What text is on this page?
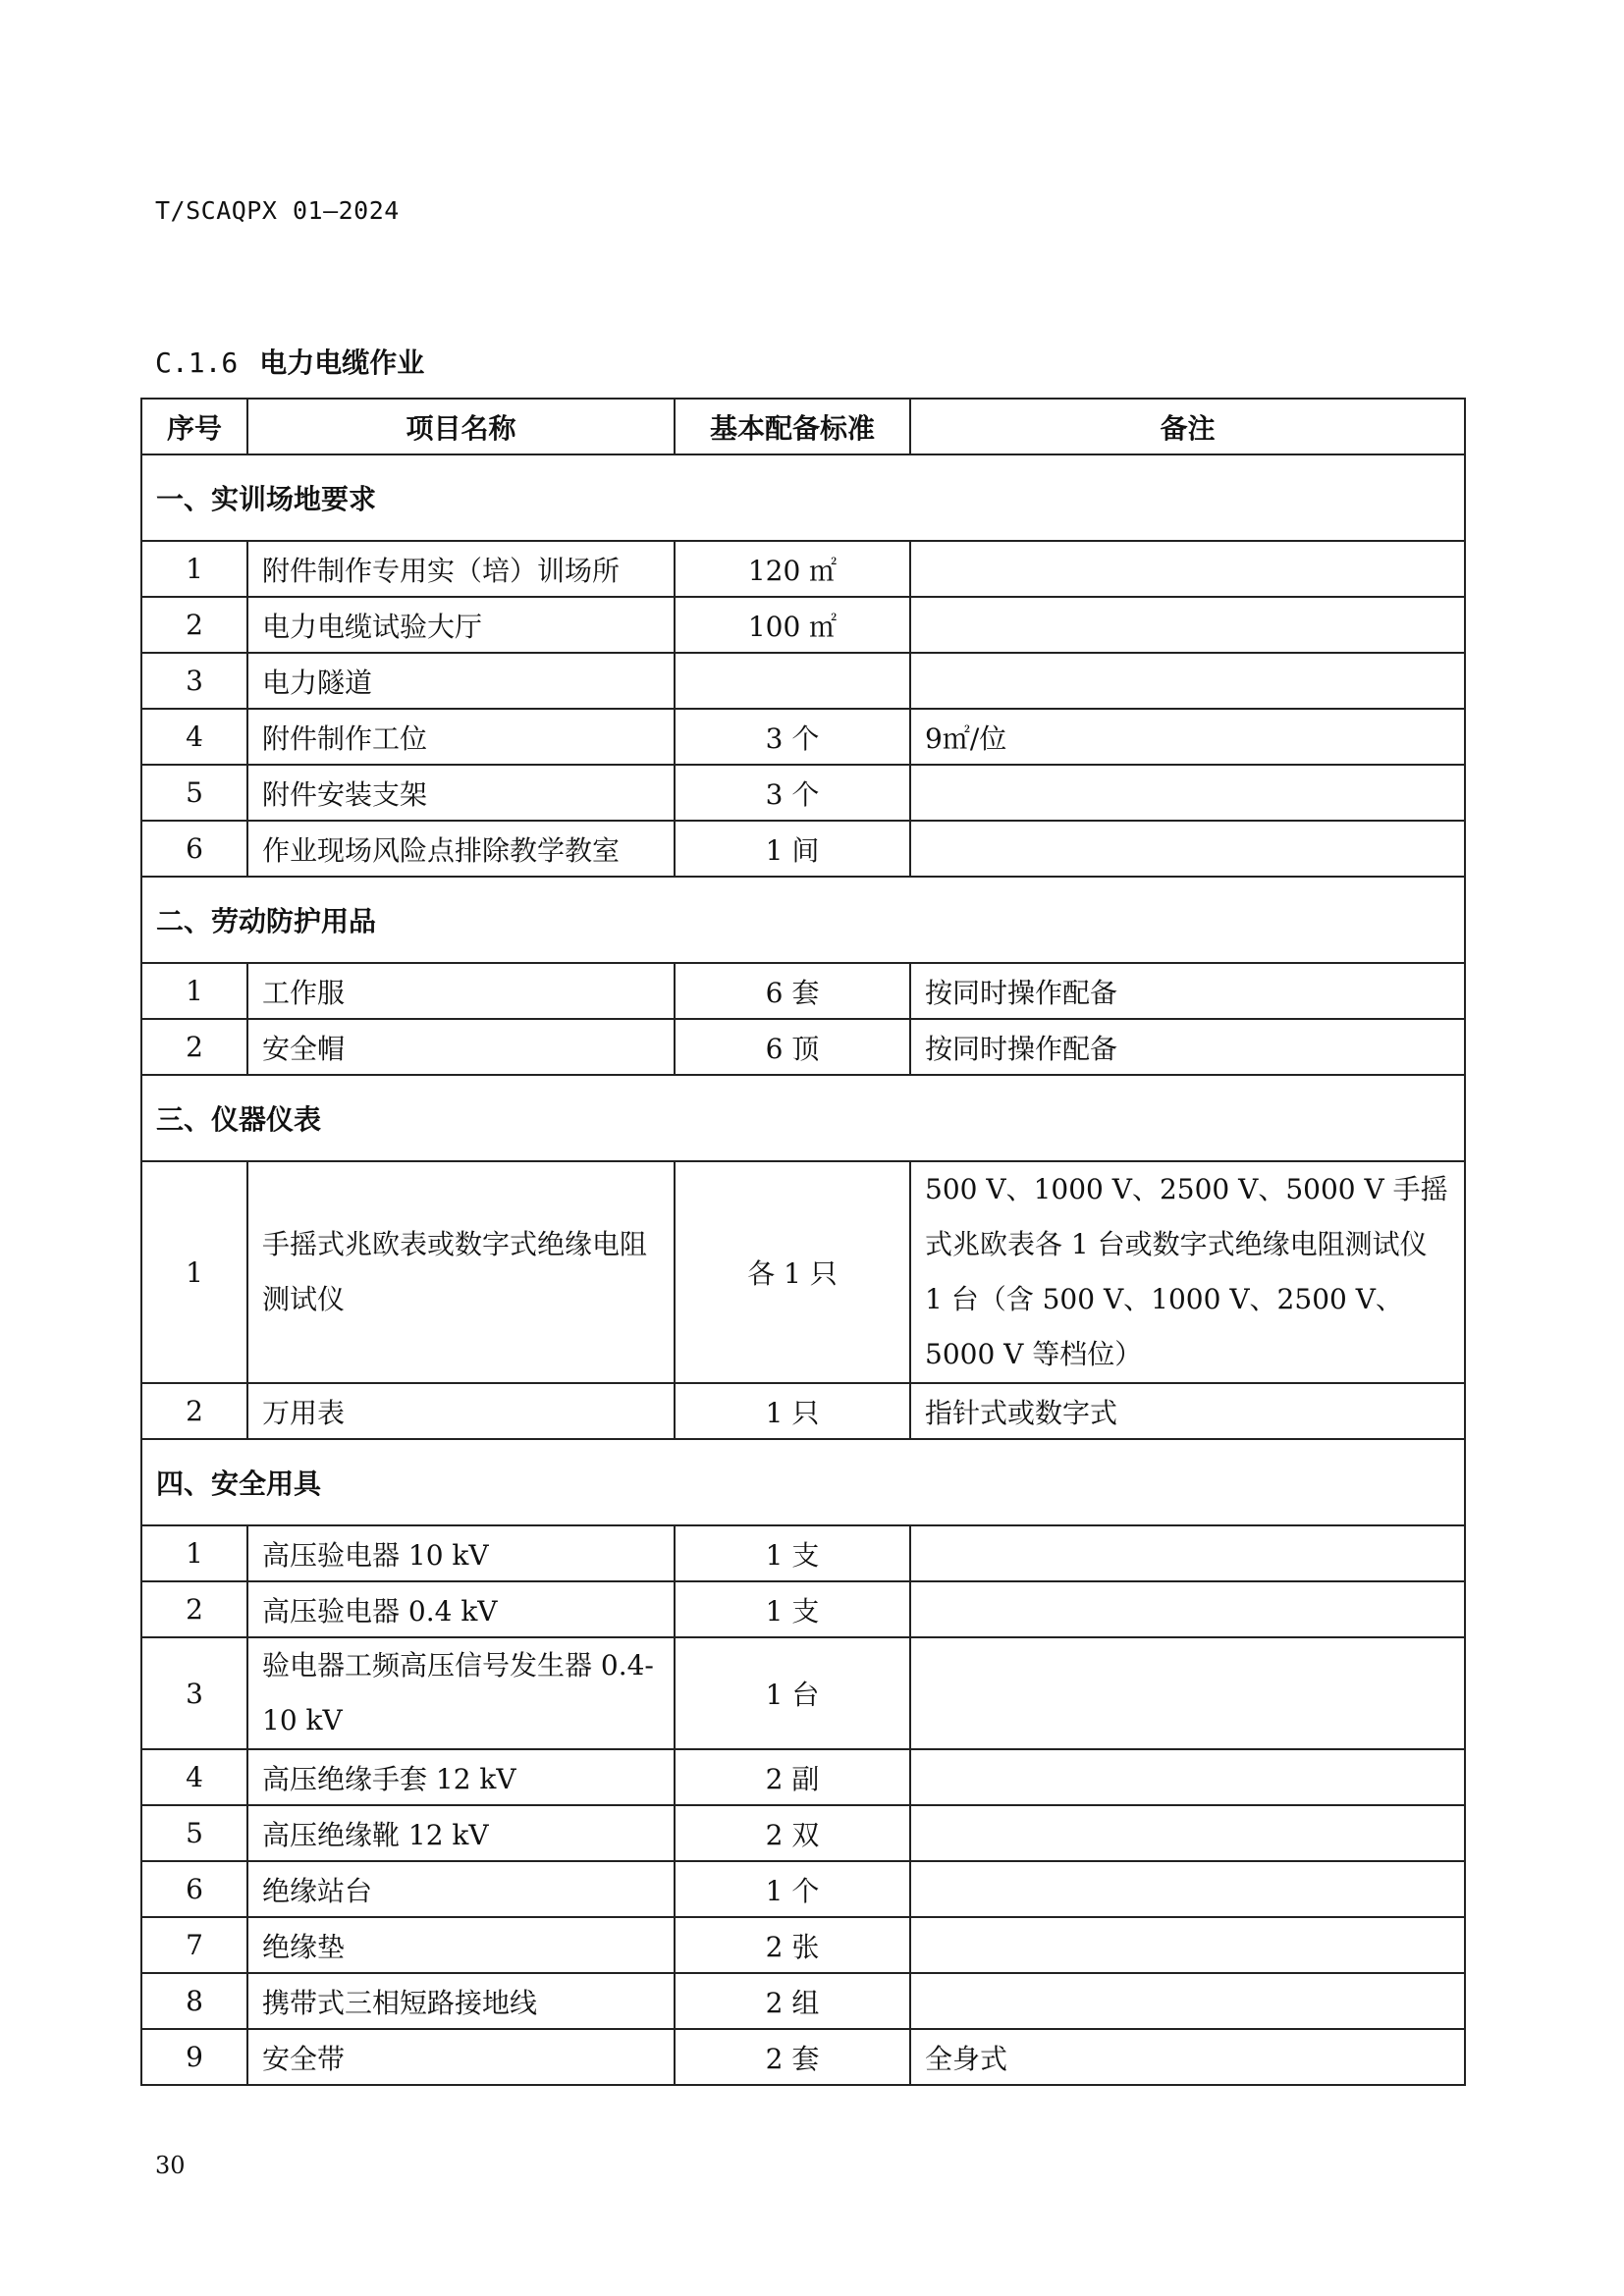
T/SCAQPX 01—2024
C.1.6 电力电缆作业
序号	项目名称	基本配备标准	备注
一、实训场地要求			
1	附件制作专用实（培）训场所	120 ㎡	
2	电力电缆试验大厅	100 ㎡	
3	电力隧道		
4	附件制作工位	3 个	9㎡/位
5	附件安装支架	3 个	
6	作业现场风险点排除教学教室	1 间	
二、劳动防护用品			
1	工作服	6 套	按同时操作配备
2	安全帽	6 顶	按同时操作配备
三、仪器仪表			
1	手摇式兆欧表或数字式绝缘电阻测试仪	各 1 只	500 V、1000 V、2500 V、5000 V 手摇式兆欧表各 1 台或数字式绝缘电阻测试仪 1 台（含 500 V、1000 V、2500 V、5000 V 等档位）
2	万用表	1 只	指针式或数字式
四、安全用具			
1	高压验电器 10 kV	1 支	
2	高压验电器 0.4 kV	1 支	
3	验电器工频高压信号发生器 0.4-10 kV	1 台	
4	高压绝缘手套 12 kV	2 副	
5	高压绝缘靴 12 kV	2 双	
6	绝缘站台	1 个	
7	绝缘垫	2 张	
8	携带式三相短路接地线	2 组	
9	安全带	2 套	全身式
30
